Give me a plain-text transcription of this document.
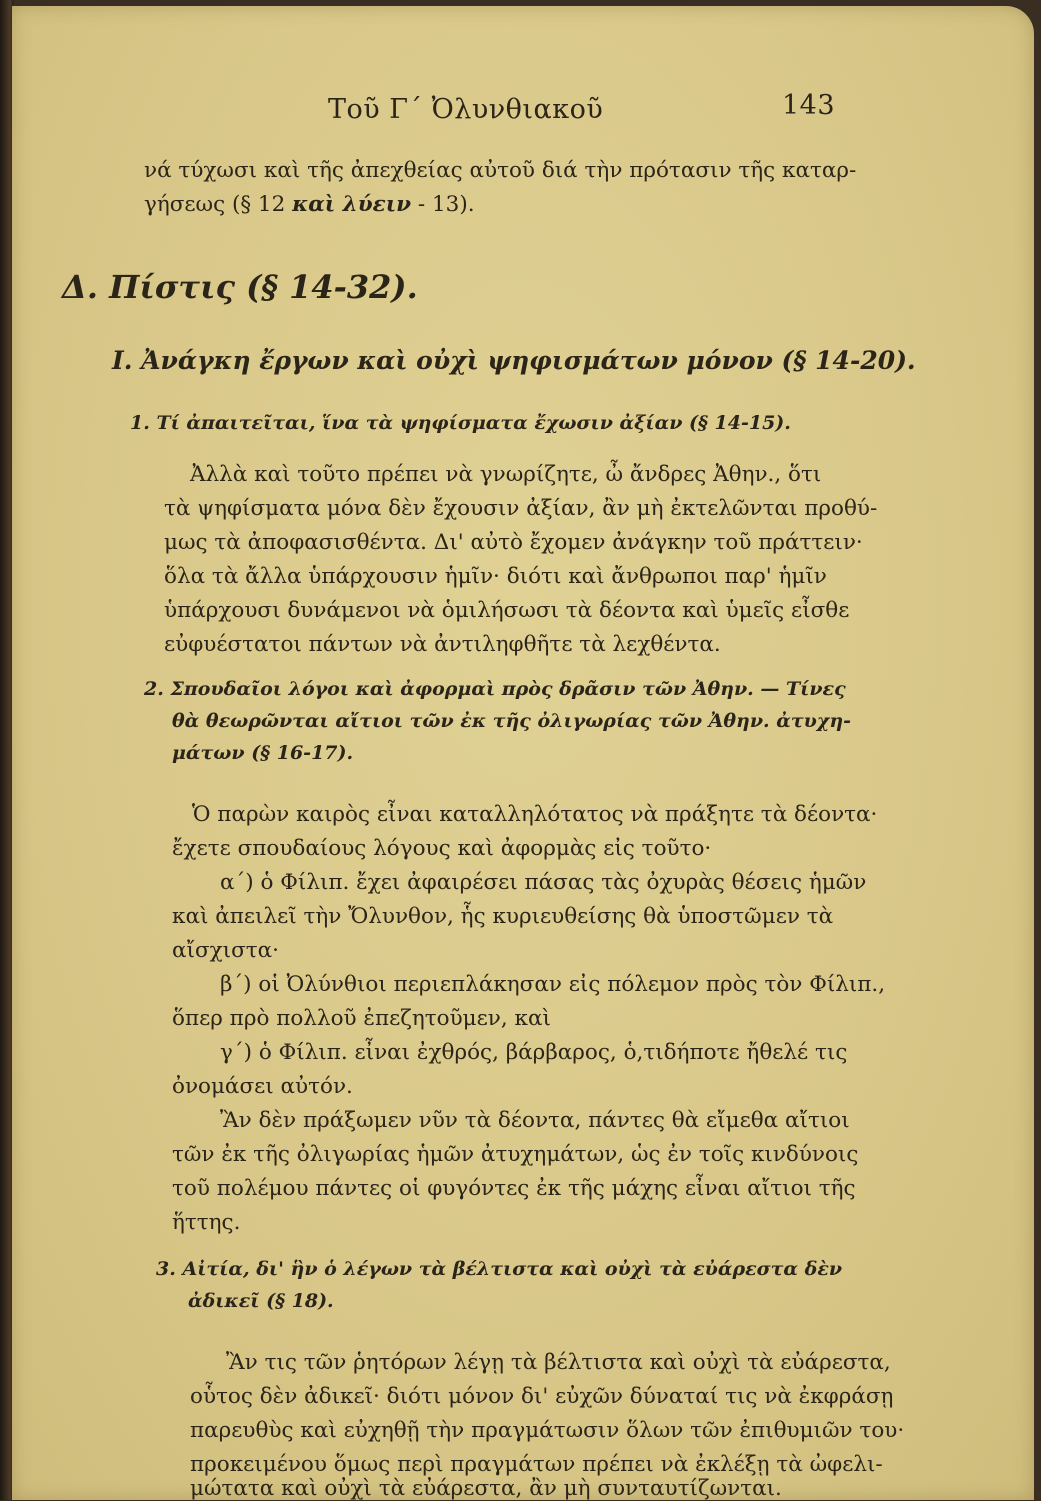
Τοῦ Γ΄ Ὀλυνθιακοῦ	143
νά τύχωσι καὶ τῆς ἀπεχθείας αὐτοῦ διά τὴν πρότασιν τῆς καταρ-
γήσεως (§ 12 καὶ λύειν - 13).
Δ. Πίστις (§ 14-32).
Ι. Ἀνάγκη ἔργων καὶ οὐχὶ ψηφισμάτων μόνον (§ 14-20).
1. Τί ἀπαιτεῖται, ἵνα τὰ ψηφίσματα ἔχωσιν ἀξίαν (§ 14-15).
Ἀλλὰ καὶ τοῦτο πρέπει νὰ γνωρίζητε, ὦ ἄνδρες Ἀθην., ὅτι
τὰ ψηφίσματα μόνα δὲν ἔχουσιν ἀξίαν, ἂν μὴ ἐκτελῶνται προθύ-
μως τὰ ἀποφασισθέντα. Δι' αὐτὸ ἔχομεν ἀνάγκην τοῦ πράττειν·
ὅλα τὰ ἄλλα ὑπάρχουσιν ἡμῖν· διότι καὶ ἄνθρωποι παρ' ἡμῖν
ὑπάρχουσι δυνάμενοι νὰ ὁμιλήσωσι τὰ δέοντα καὶ ὑμεῖς εἶσθε
εὐφυέστατοι πάντων νὰ ἀντιληφθῆτε τὰ λεχθέντα.
2. Σπουδαῖοι λόγοι καὶ ἀφορμαὶ πρὸς δρᾶσιν τῶν Ἀθην. — Τίνες
θὰ θεωρῶνται αἴτιοι τῶν ἐκ τῆς ὀλιγωρίας τῶν Ἀθην. ἀτυχη-
μάτων (§ 16-17).
Ὁ παρὼν καιρὸς εἶναι καταλληλότατος νὰ πράξητε τὰ δέοντα·
ἔχετε σπουδαίους λόγους καὶ ἀφορμὰς εἰς τοῦτο·
α΄) ὁ Φίλιπ. ἔχει ἀφαιρέσει πάσας τὰς ὀχυρὰς θέσεις ἡμῶν
καὶ ἀπειλεῖ τὴν Ὄλυνθον, ἧς κυριευθείσης θὰ ὑποστῶμεν τὰ
αἴσχιστα·
β΄) οἱ Ὀλύνθιοι περιεπλάκησαν εἰς πόλεμον πρὸς τὸν Φίλιπ.,
ὅπερ πρὸ πολλοῦ ἐπεζητοῦμεν, καὶ
γ΄) ὁ Φίλιπ. εἶναι ἐχθρός, βάρβαρος, ὁ,τιδήποτε ἤθελέ τις
ὀνομάσει αὐτόν.
Ἂν δὲν πράξωμεν νῦν τὰ δέοντα, πάντες θὰ εἴμεθα αἴτιοι
τῶν ἐκ τῆς ὀλιγωρίας ἡμῶν ἀτυχημάτων, ὡς ἐν τοῖς κινδύνοις
τοῦ πολέμου πάντες οἱ φυγόντες ἐκ τῆς μάχης εἶναι αἴτιοι τῆς
ἥττης.
3. Αἰτία, δι' ἣν ὁ λέγων τὰ βέλτιστα καὶ οὐχὶ τὰ εὐάρεστα δὲν
ἀδικεῖ (§ 18).
Ἂν τις τῶν ῥητόρων λέγῃ τὰ βέλτιστα καὶ οὐχὶ τὰ εὐάρεστα,
οὗτος δὲν ἀδικεῖ· διότι μόνον δι' εὐχῶν δύναταί τις νὰ ἐκφράσῃ
παρευθὺς καὶ εὐχηθῇ τὴν πραγμάτωσιν ὅλων τῶν ἐπιθυμιῶν του·
προκειμένου ὅμως περὶ πραγμάτων πρέπει νὰ ἐκλέξῃ τὰ ὠφελι-
μώτατα καὶ οὐχὶ τὰ εὐάρεστα, ἂν μὴ συνταυτίζωνται.
